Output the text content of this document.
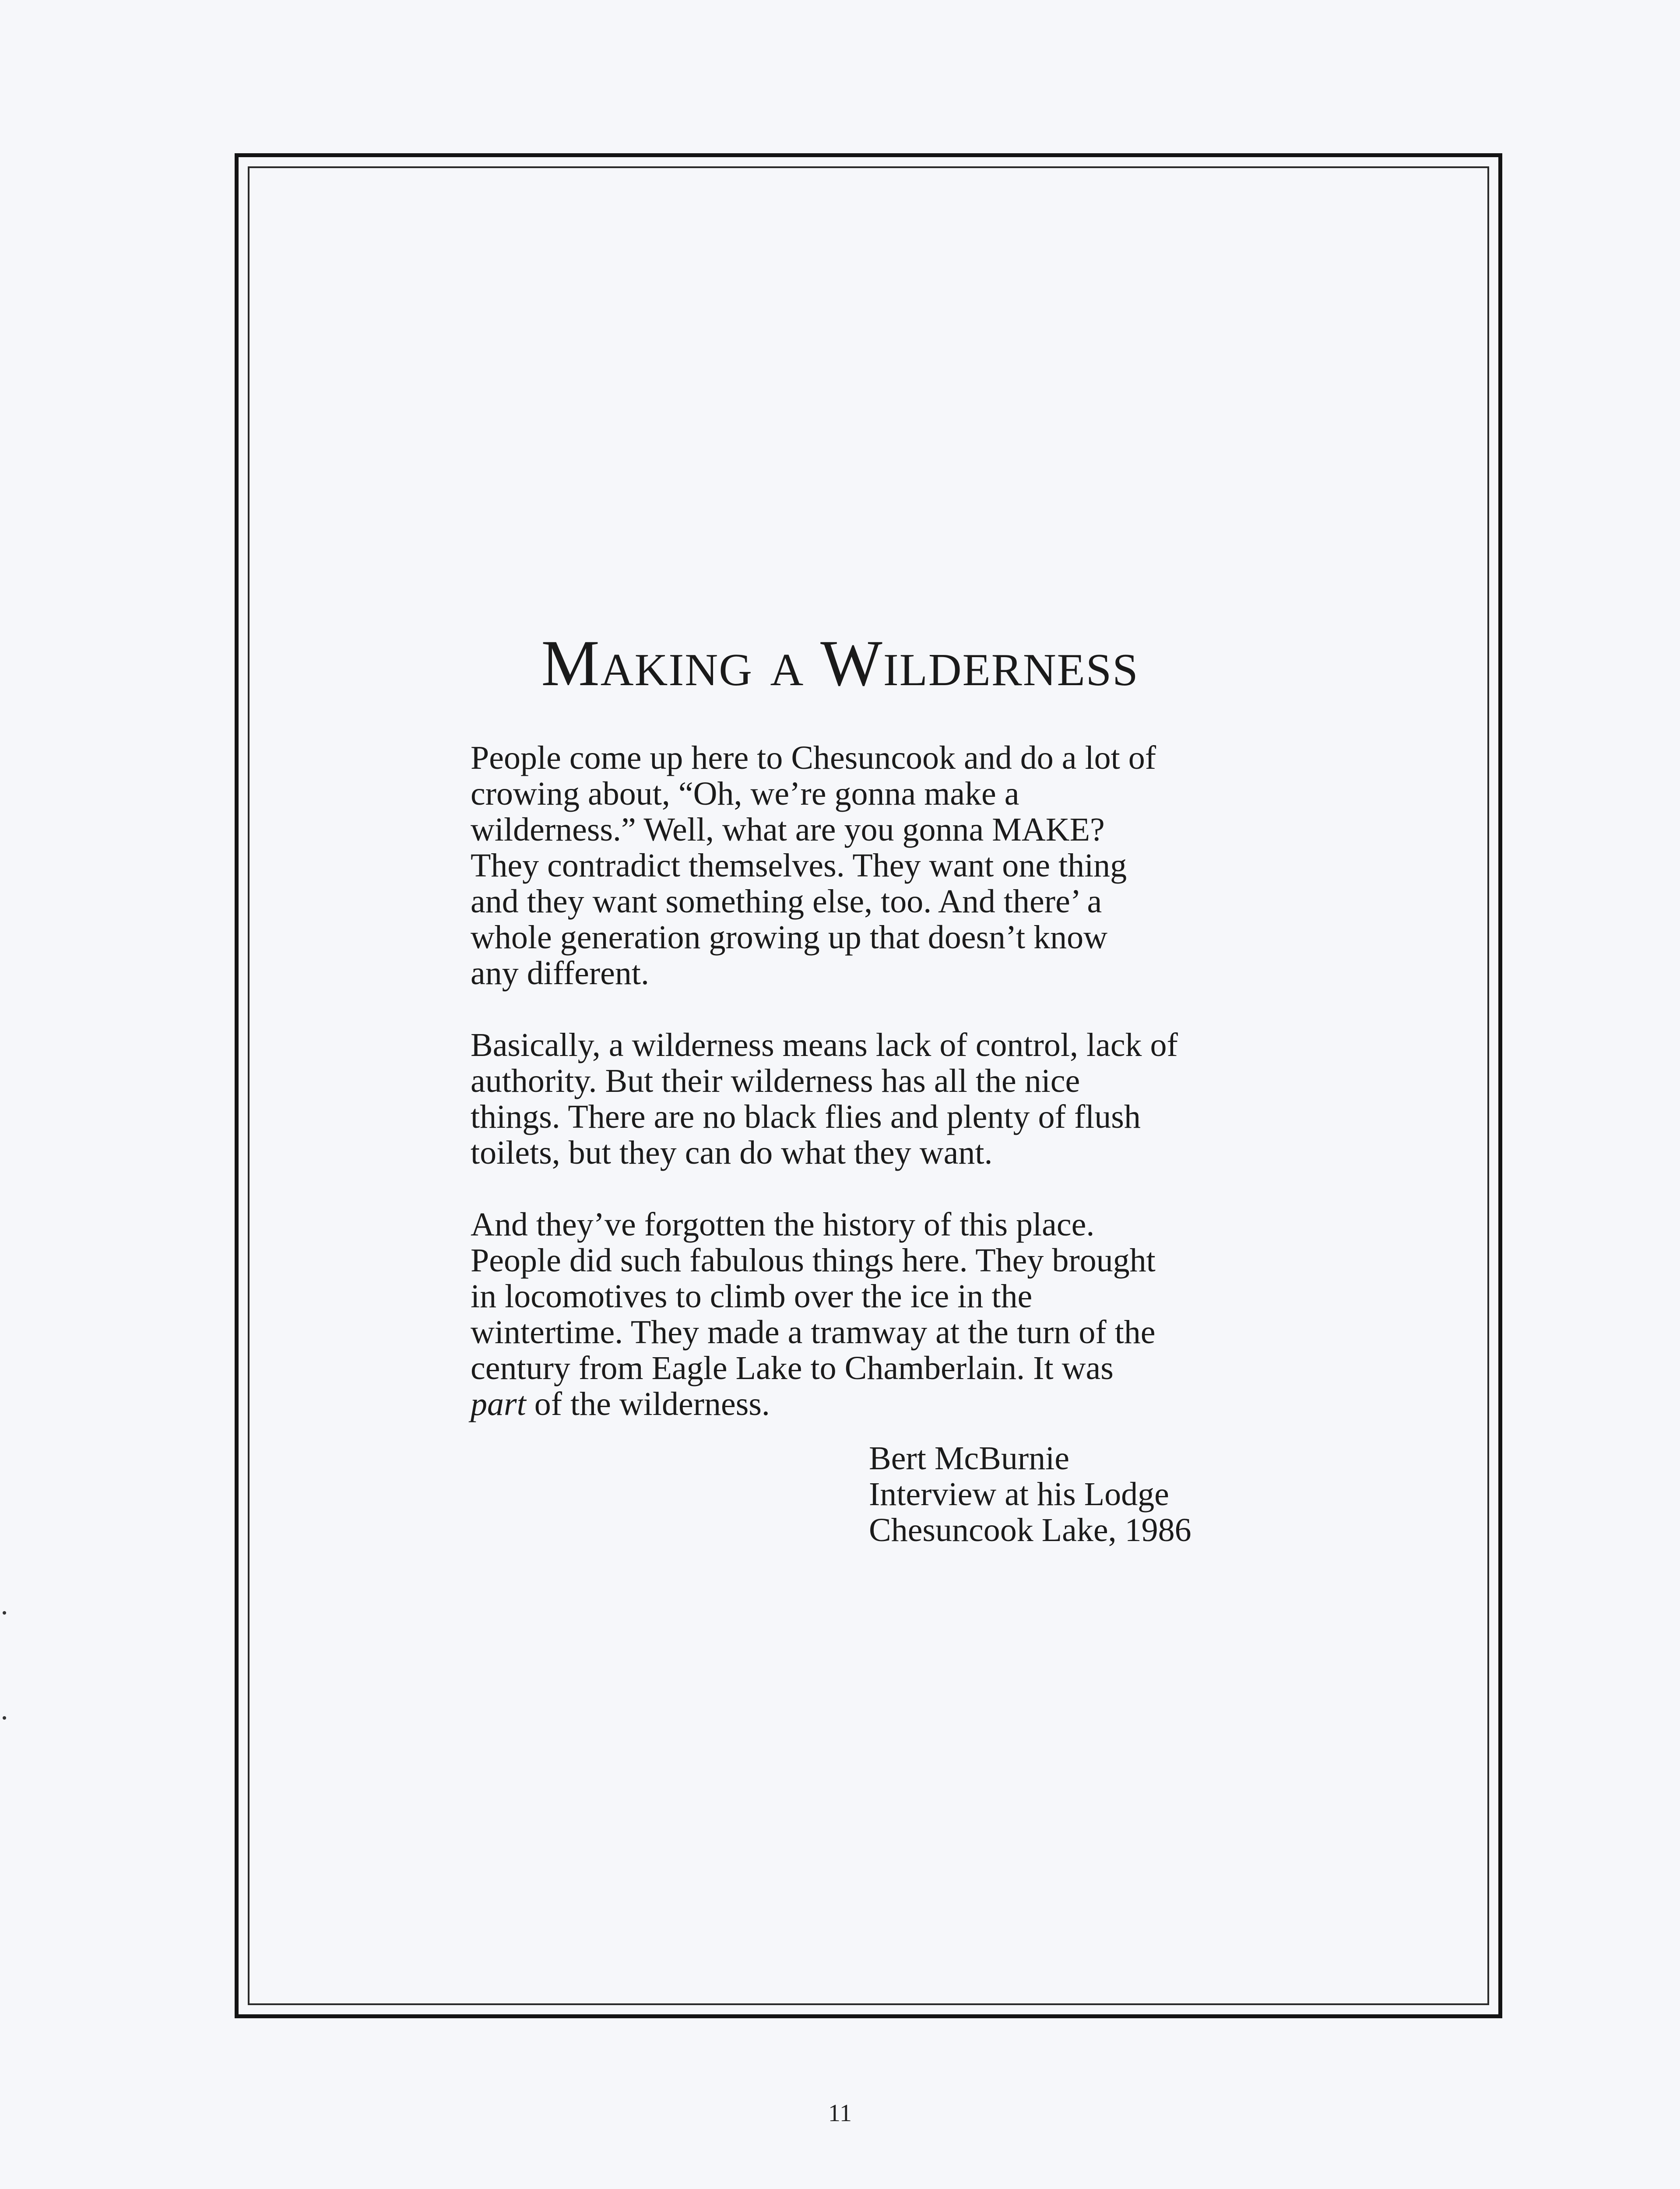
Making a Wilderness

People come up here to Chesuncook and do a lot of
crowing about, “Oh, we’re gonna make a
wilderness.” Well, what are you gonna MAKE?
They contradict themselves. They want one thing
and they want something else, too. And there’ a
whole generation growing up that doesn’t know
any different.

Basically, a wilderness means lack of control, lack of
authority. But their wilderness has all the nice
things. There are no black flies and plenty of flush
toilets, but they can do what they want.

And they’ve forgotten the history of this place.
People did such fabulous things here. They brought
in locomotives to climb over the ice in the
wintertime. They made a tramway at the turn of the
century from Eagle Lake to Chamberlain. It was
part of the wilderness.

Bert McBurnie
Interview at his Lodge
Chesuncook Lake, 1986
11
